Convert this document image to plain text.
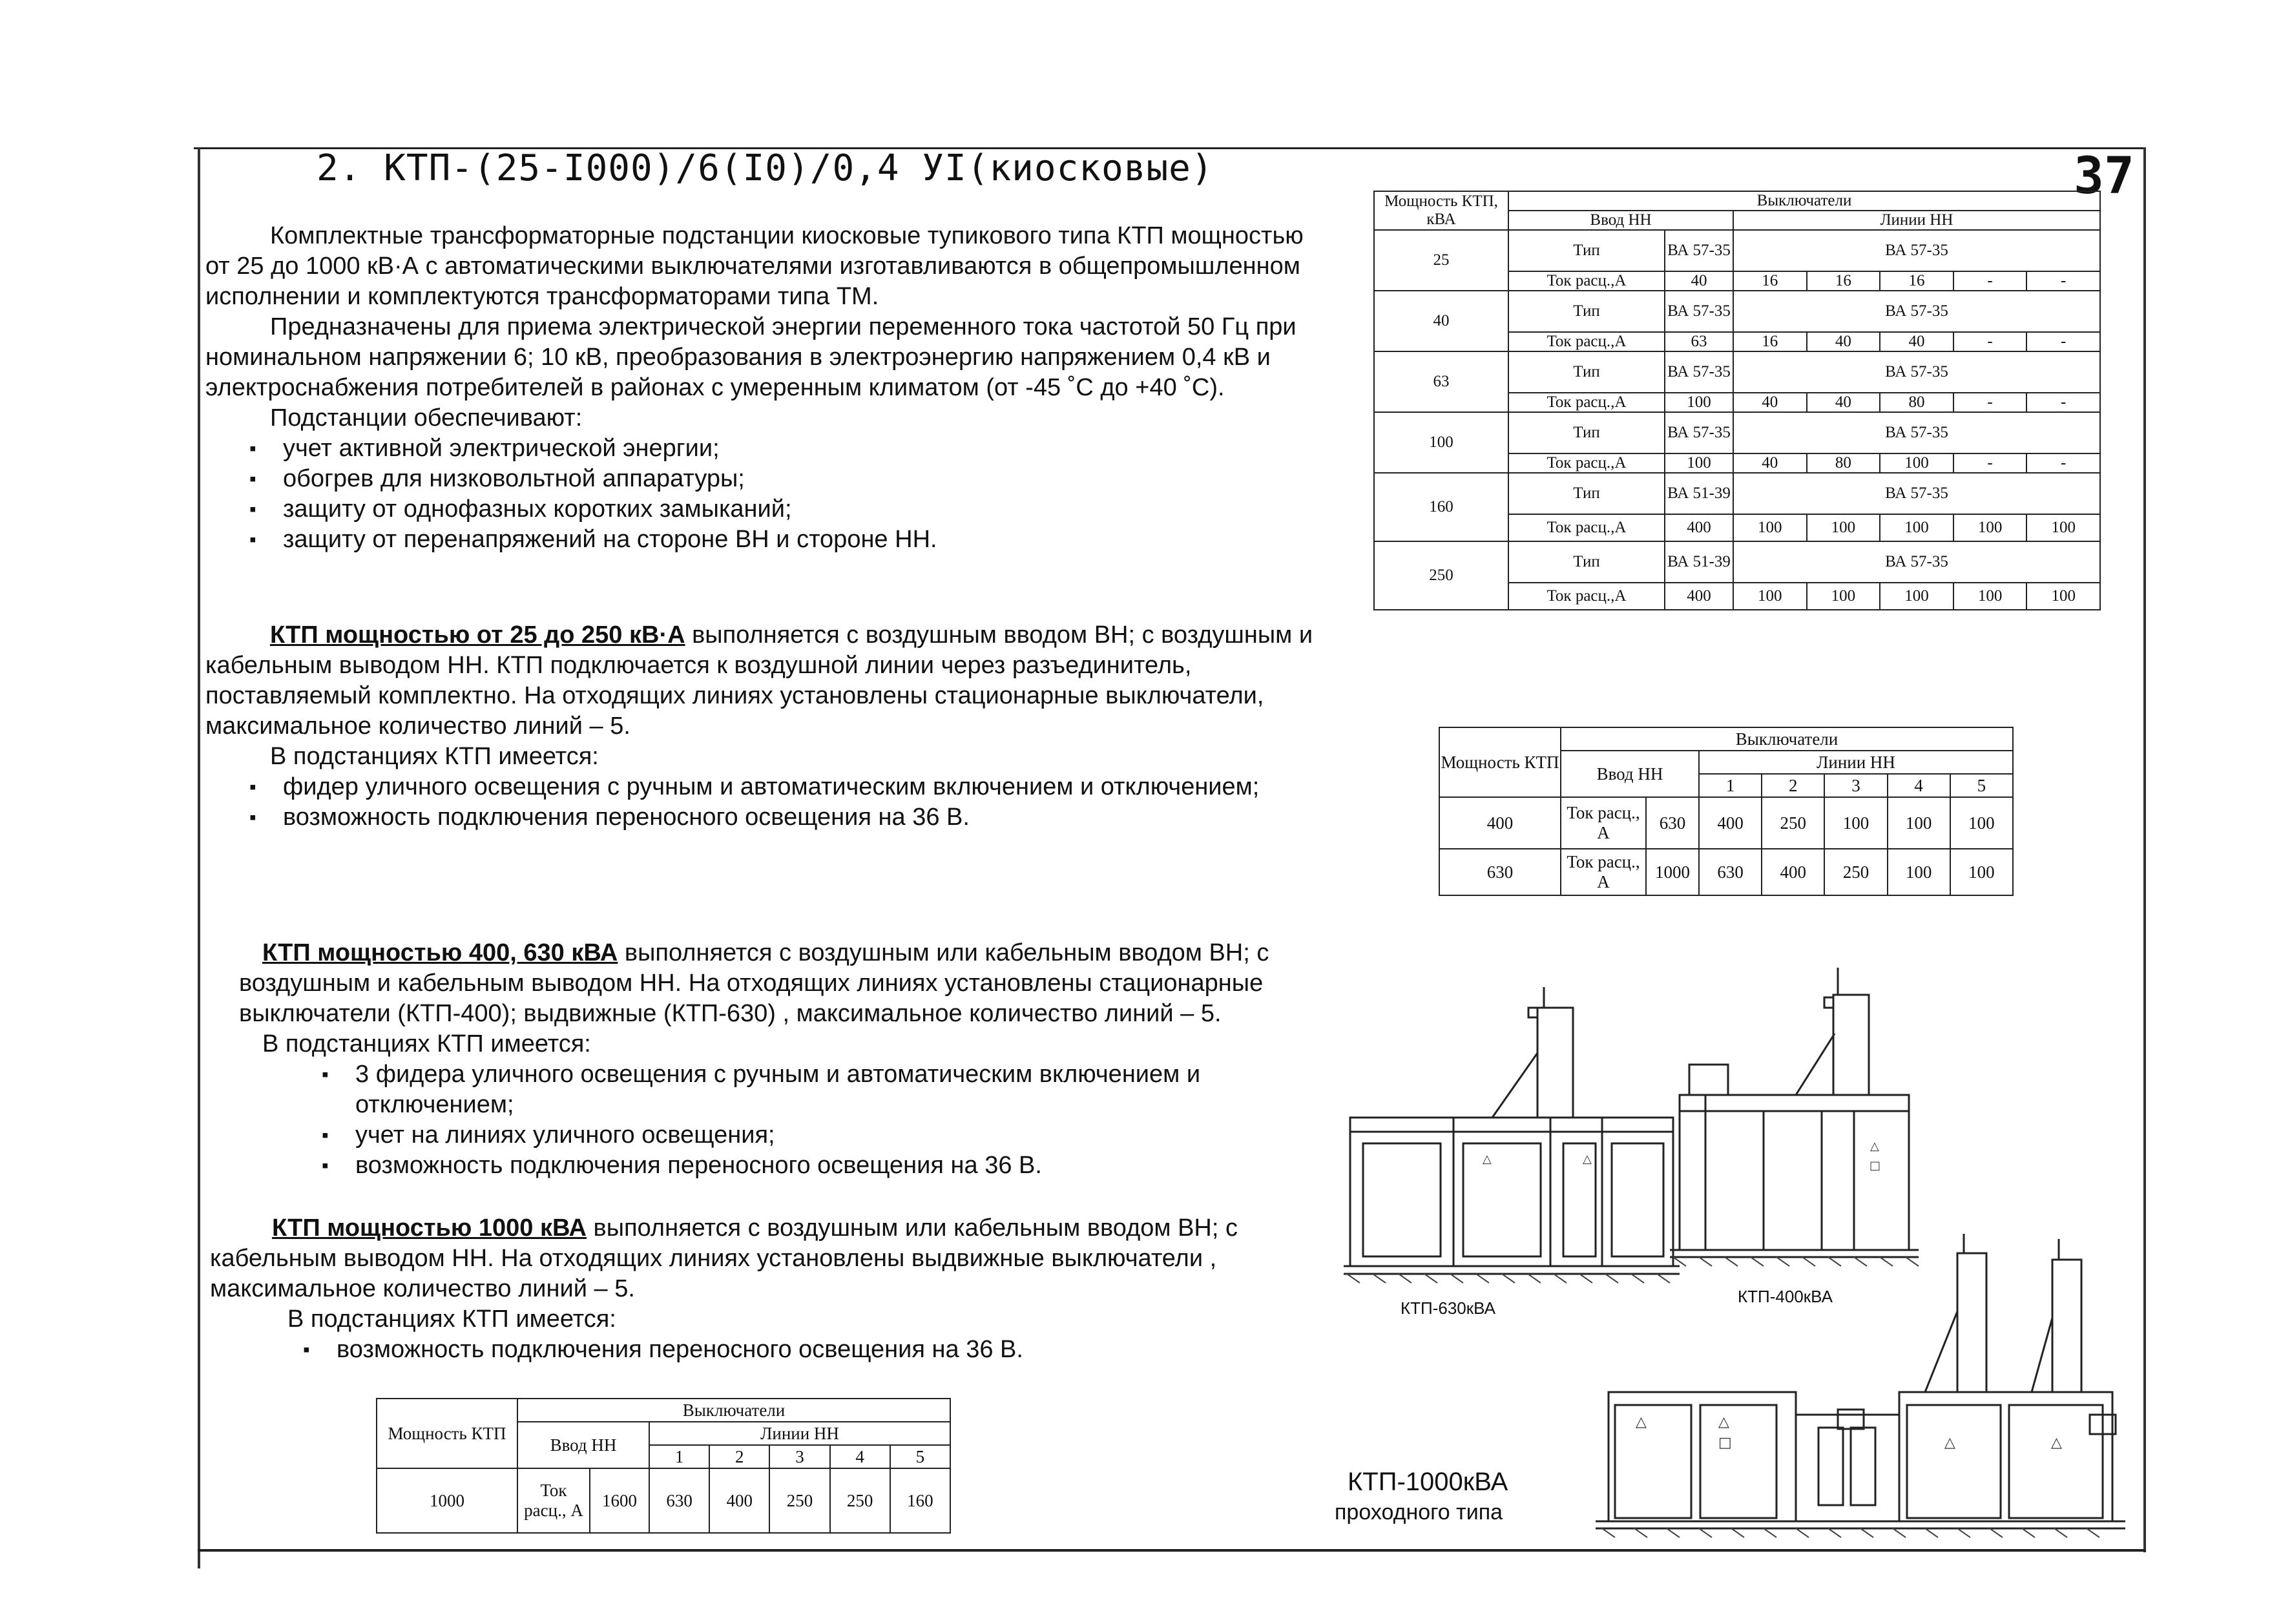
2. КТП-(25-I000)/6(I0)/0,4 УI(киосковые)	37

Комплектные трансформаторные подстанции киосковые тупикового типа КТП мощностью от 25 до 1000 кВ·А с автоматическими выключателями изготавливаются в общепромышленном исполнении и комплектуются трансформаторами типа ТМ.

Предназначены для приема электрической энергии переменного тока частотой 50 Гц при номинальном напряжении 6; 10 кВ, преобразования в электроэнергию напряжением 0,4 кВ и электроснабжения потребителей в районах с умеренным климатом (от -45 ˚С до +40 ˚С).

Подстанции обеспечивают:

▪ учет активной электрической энергии;
▪ обогрев для низковольтной аппаратуры;
▪ защиту от однофазных коротких замыканий;
▪ защиту от перенапряжений на стороне ВН и стороне НН.

КТП мощностью от 25 до 250 кВ·А выполняется с воздушным вводом ВН; с воздушным и кабельным выводом НН. КТП подключается к воздушной линии через разъединитель, поставляемый комплектно. На отходящих линиях установлены стационарные выключатели, максимальное количество линий – 5.

В подстанциях КТП имеется:

▪ фидер уличного освещения с ручным и автоматическим включением и отключением;
▪ возможность подключения переносного освещения на 36 В.

КТП мощностью 400, 630 кВА выполняется с воздушным или кабельным вводом ВН; с воздушным и кабельным выводом НН. На отходящих линиях установлены стационарные выключатели (КТП-400); выдвижные (КТП-630) , максимальное количество линий – 5.

В подстанциях КТП имеется:

▪ 3 фидера уличного освещения с ручным и автоматическим включением и отключением;
▪ учет на линиях уличного освещения;
▪ возможность подключения переносного освещения на 36 В.

КТП мощностью 1000 кВА выполняется с воздушным или кабельным вводом ВН; с кабельным выводом НН. На отходящих линиях установлены выдвижные выключатели , максимальное количество линий – 5.

В подстанциях КТП имеется:

▪ возможность подключения переносного освещения на 36 В.
Мощность КТП, кВА	Выключатели						
	Ввод НН		Линии НН				
25	Тип	ВА 57-35	ВА 57-35				
	Ток расц.,А	40	16	16	16	-	-
40	Тип	ВА 57-35	ВА 57-35				
	Ток расц.,А	63	16	40	40	-	-
63	Тип	ВА 57-35	ВА 57-35				
	Ток расц.,А	100	40	40	80	-	-
100	Тип	ВА 57-35	ВА 57-35				
	Ток расц.,А	100	40	80	100	-	-
160	Тип	ВА 51-39	ВА 57-35				
	Ток расц.,А	400	100	100	100	100	100
250	Тип	ВА 51-39	ВА 57-35				
	Ток расц.,А	400	100	100	100	100	100
Мощность КТП	Выключатели						
	Ввод НН		Линии НН				
			1	2	3	4	5
400	Ток расц., А	630	400	250	100	100	100
630	Ток расц., А	1000	630	400	250	100	100
Мощность КТП	Выключатели						
	Ввод НН		Линии НН				
			1	2	3	4	5
1000	Ток расц., А	1600	630	400	250	250	160
△	△
КТП-630кВА
△
□
КТП-400кВА
△	△
□	△	△
КТП-1000кВА
проходного типа
